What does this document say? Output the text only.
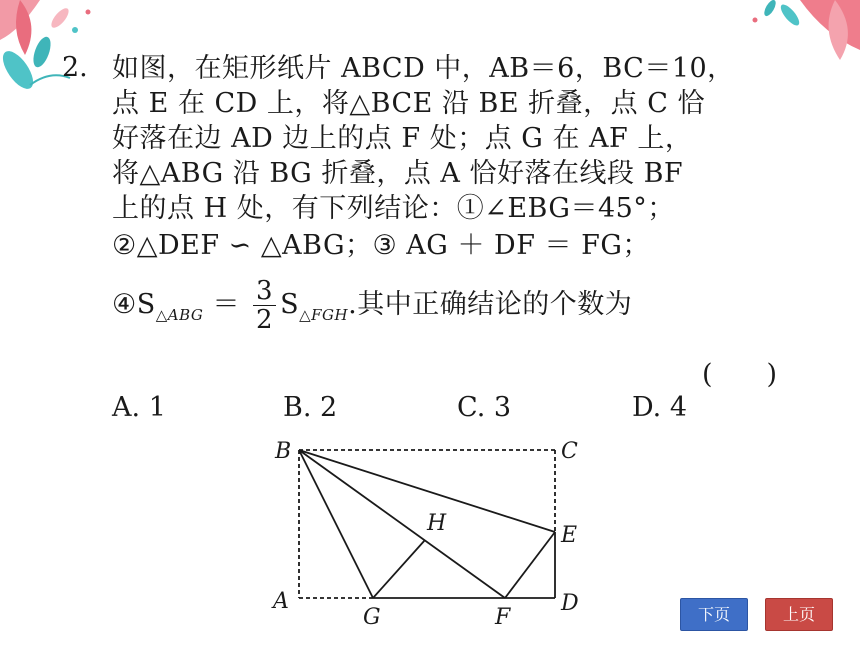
2. 如图，在矩形纸片 ABCD 中，AB＝6，BC＝10，
点 E 在 CD 上，将△BCE 沿 BE 折叠，点 C 恰
好落在边 AD 边上的点 F 处；点 G 在 AF 上，
将△ABG 沿 BG 折叠，点 A 恰好落在线段 BF
上的点 H 处，有下列结论：①∠EBG＝45°；
②△DEF ∽ △ABG；③ AG ＋ DF ＝ FG；
$④S_{\triangle ABG} = \frac{3}{2} S_{\triangle FGH}$.其中正确结论的个数为
(　　)
A. 1	B. 2	C. 3	D. 4
B	C
H	E
A
G	F
D	下页	上页
